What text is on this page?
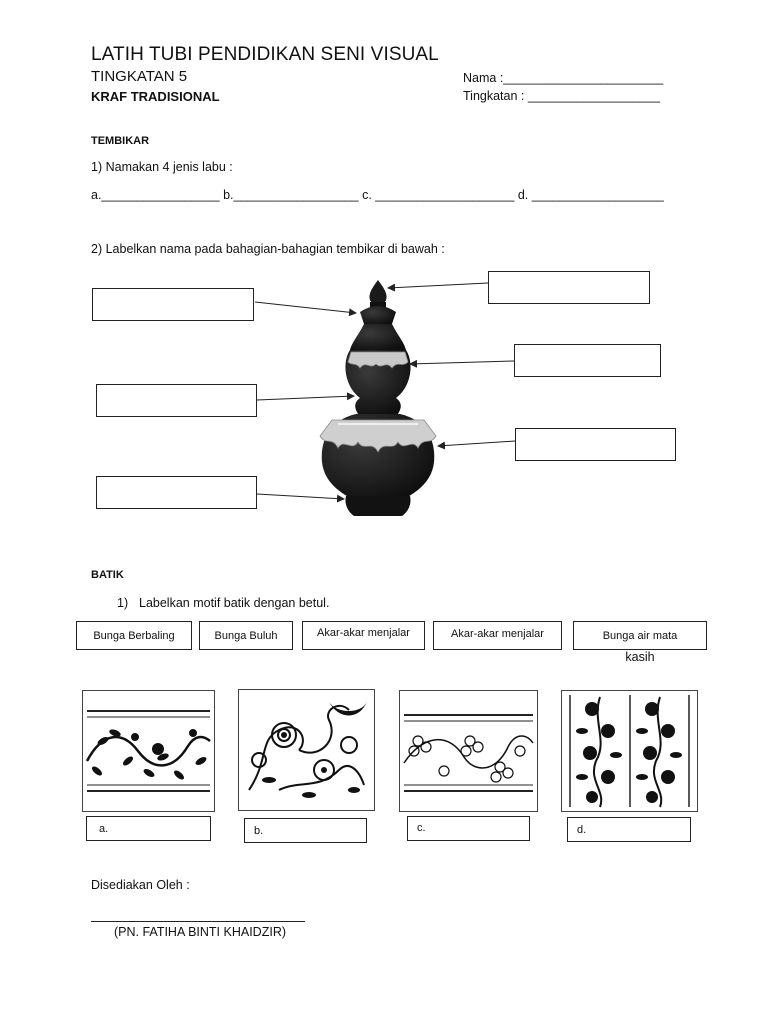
LATIH TUBI PENDIDIKAN SENI VISUAL
TINGKATAN 5
KRAF TRADISIONAL
Nama :_______________________
Tingkatan : ___________________
TEMBIKAR
1) Namakan 4 jenis labu :
a._________________ b.__________________ c. ____________________ d. ___________________
2) Labelkan nama pada bahagian-bahagian tembikar di bawah :
BATIK
1) Labelkan motif batik dengan betul.
Bunga Berbaling	Bunga Buluh	Akar-akar menjalar	Akar-akar menjalar	Bunga air mata
kasih
a.	b.	c.	d.
Disediakan Oleh :
(PN. FATIHA BINTI KHAIDZIR)
